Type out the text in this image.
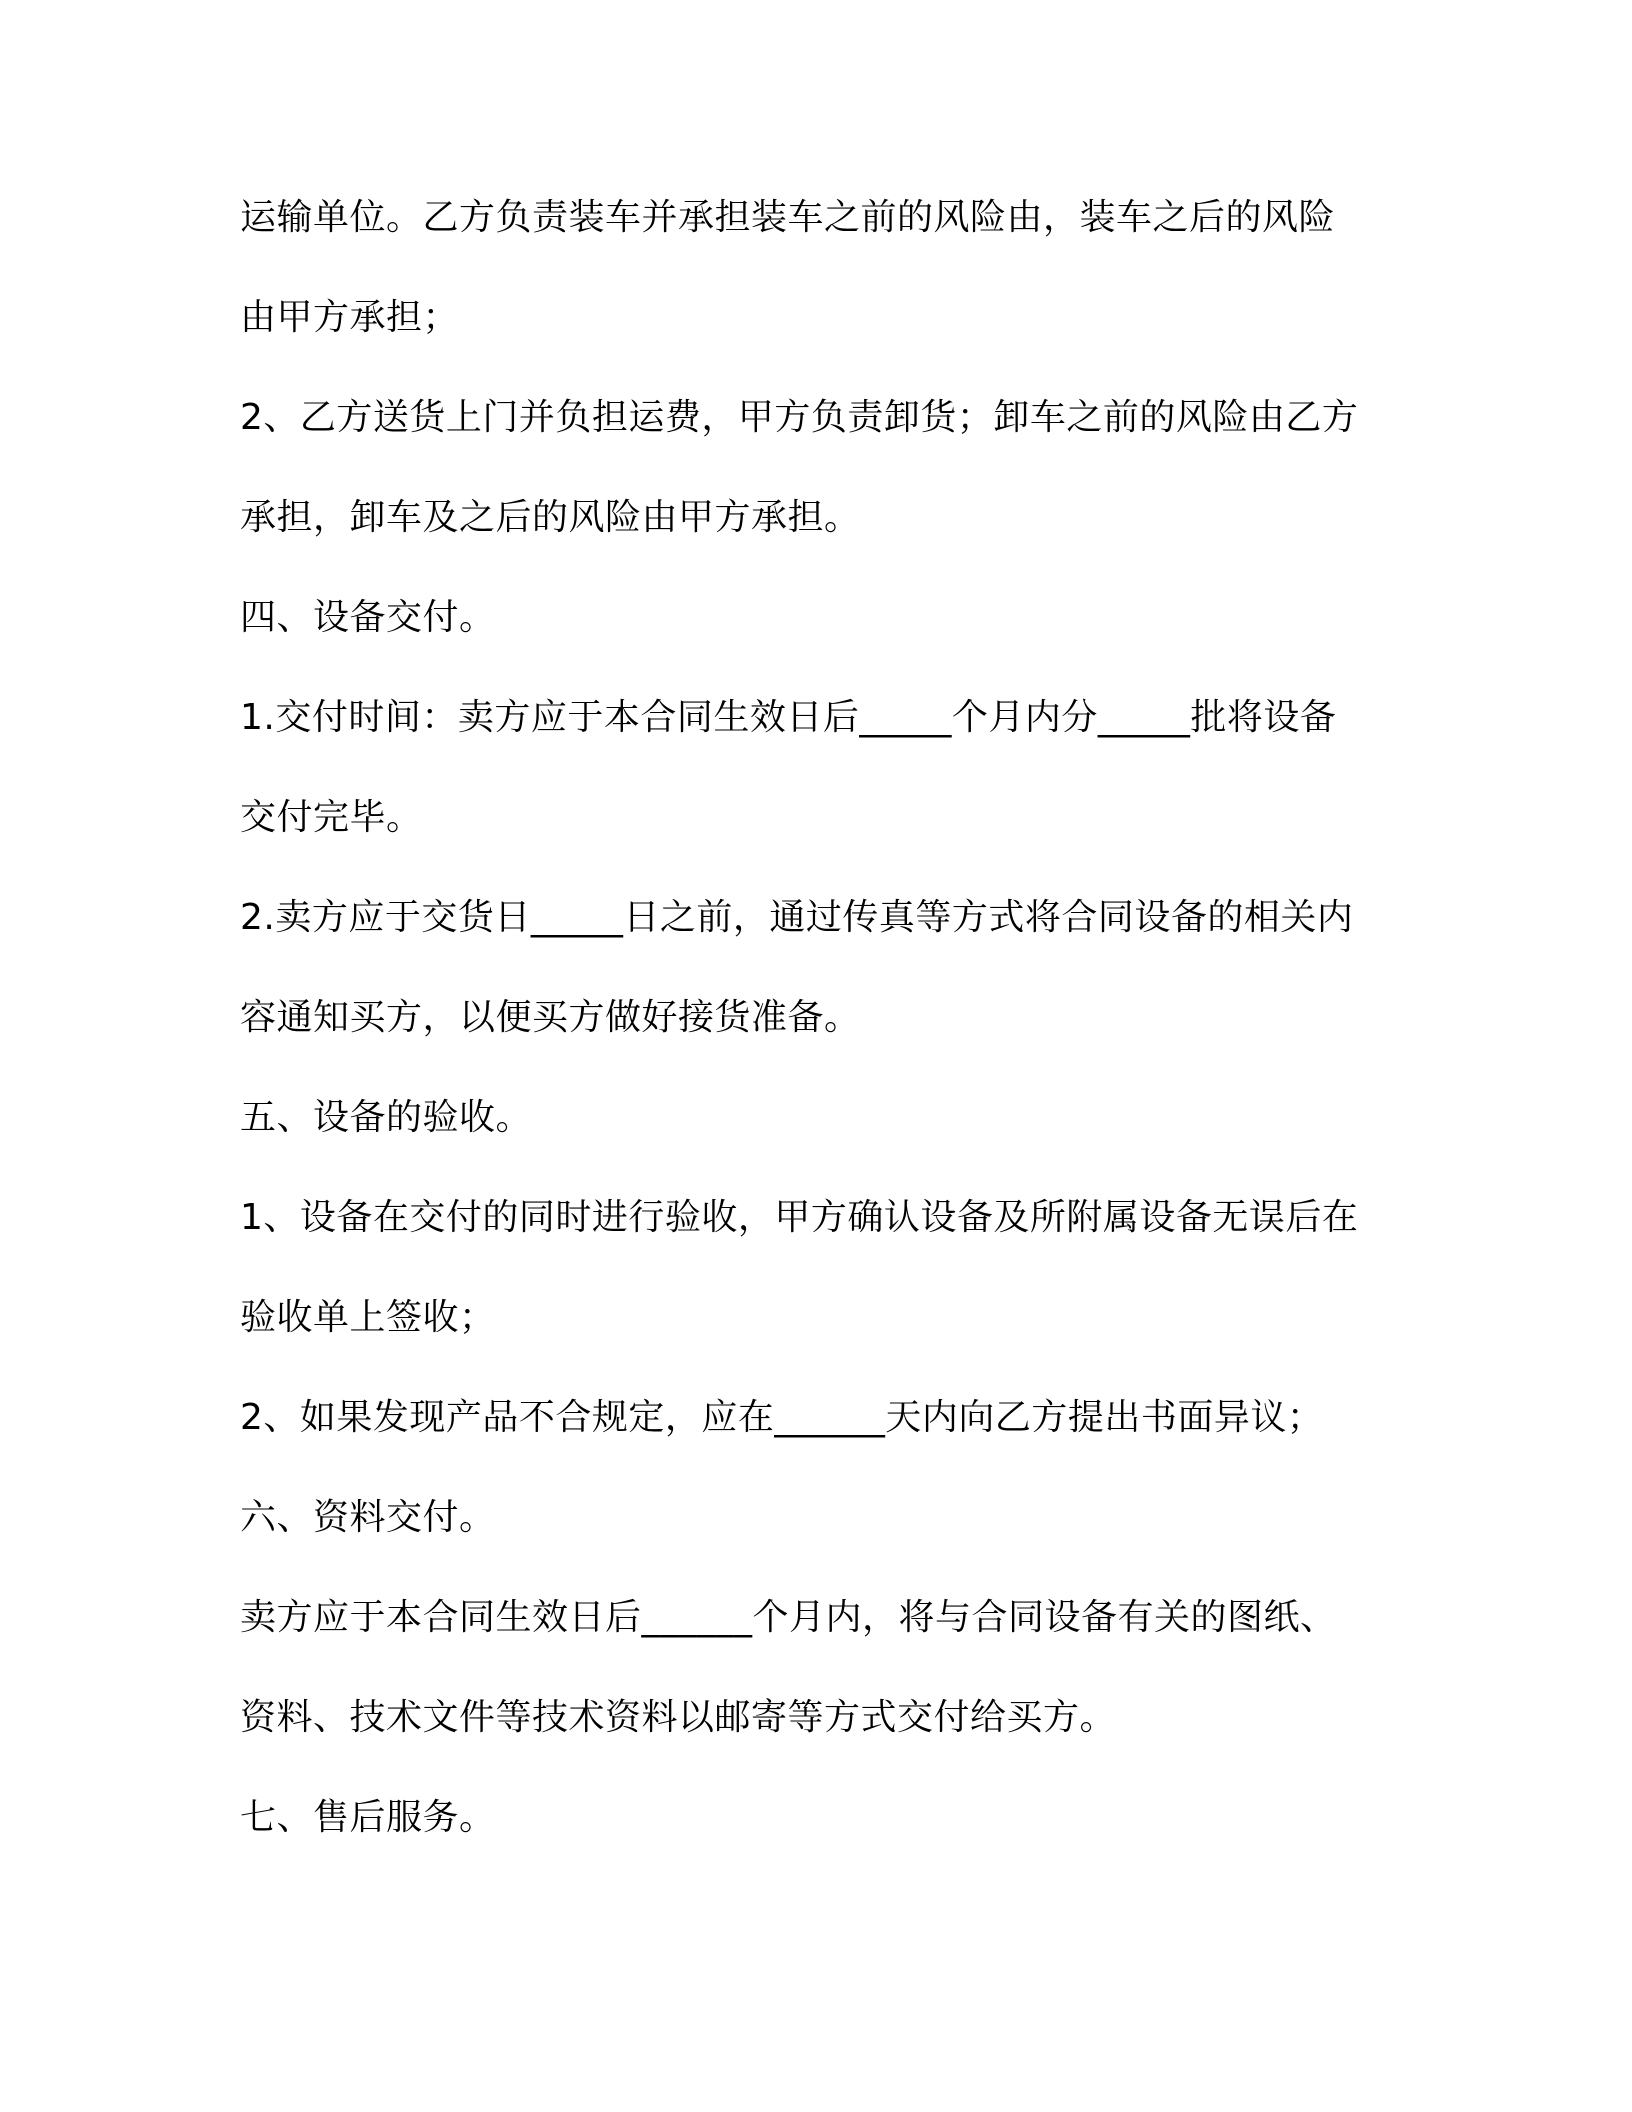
运输单位。乙方负责装车并承担装车之前的风险由，装车之后的风险
由甲方承担；
2、乙方送货上门并负担运费，甲方负责卸货；卸车之前的风险由乙方
承担，卸车及之后的风险由甲方承担。
四、设备交付。
1.交付时间：卖方应于本合同生效日后_____个月内分_____批将设备
交付完毕。
2.卖方应于交货日_____日之前，通过传真等方式将合同设备的相关内
容通知买方，以便买方做好接货准备。
五、设备的验收。
1、设备在交付的同时进行验收，甲方确认设备及所附属设备无误后在
验收单上签收；
2、如果发现产品不合规定，应在______天内向乙方提出书面异议；
六、资料交付。
卖方应于本合同生效日后______个月内，将与合同设备有关的图纸、
资料、技术文件等技术资料以邮寄等方式交付给买方。
七、售后服务。
